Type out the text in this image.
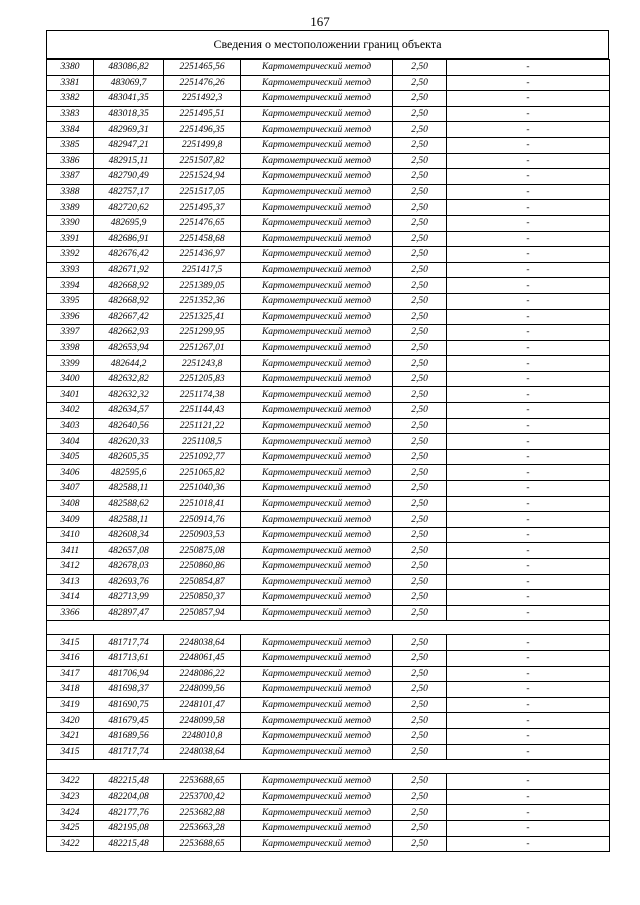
167
Сведения о местоположении границ объекта
3380	483086,82	2251465,56	Картометрический метод	2,50	-
3381	483069,7	2251476,26	Картометрический метод	2,50	-
3382	483041,35	2251492,3	Картометрический метод	2,50	-
3383	483018,35	2251495,51	Картометрический метод	2,50	-
3384	482969,31	2251496,35	Картометрический метод	2,50	-
3385	482947,21	2251499,8	Картометрический метод	2,50	-
3386	482915,11	2251507,82	Картометрический метод	2,50	-
3387	482790,49	2251524,94	Картометрический метод	2,50	-
3388	482757,17	2251517,05	Картометрический метод	2,50	-
3389	482720,62	2251495,37	Картометрический метод	2,50	-
3390	482695,9	2251476,65	Картометрический метод	2,50	-
3391	482686,91	2251458,68	Картометрический метод	2,50	-
3392	482676,42	2251436,97	Картометрический метод	2,50	-
3393	482671,92	2251417,5	Картометрический метод	2,50	-
3394	482668,92	2251389,05	Картометрический метод	2,50	-
3395	482668,92	2251352,36	Картометрический метод	2,50	-
3396	482667,42	2251325,41	Картометрический метод	2,50	-
3397	482662,93	2251299,95	Картометрический метод	2,50	-
3398	482653,94	2251267,01	Картометрический метод	2,50	-
3399	482644,2	2251243,8	Картометрический метод	2,50	-
3400	482632,82	2251205,83	Картометрический метод	2,50	-
3401	482632,32	2251174,38	Картометрический метод	2,50	-
3402	482634,57	2251144,43	Картометрический метод	2,50	-
3403	482640,56	2251121,22	Картометрический метод	2,50	-
3404	482620,33	2251108,5	Картометрический метод	2,50	-
3405	482605,35	2251092,77	Картометрический метод	2,50	-
3406	482595,6	2251065,82	Картометрический метод	2,50	-
3407	482588,11	2251040,36	Картометрический метод	2,50	-
3408	482588,62	2251018,41	Картометрический метод	2,50	-
3409	482588,11	2250914,76	Картометрический метод	2,50	-
3410	482608,34	2250903,53	Картометрический метод	2,50	-
3411	482657,08	2250875,08	Картометрический метод	2,50	-
3412	482678,03	2250860,86	Картометрический метод	2,50	-
3413	482693,76	2250854,87	Картометрический метод	2,50	-
3414	482713,99	2250850,37	Картометрический метод	2,50	-
3366	482897,47	2250857,94	Картометрический метод	2,50	-

3415	481717,74	2248038,64	Картометрический метод	2,50	-
3416	481713,61	2248061,45	Картометрический метод	2,50	-
3417	481706,94	2248086,22	Картометрический метод	2,50	-
3418	481698,37	2248099,56	Картометрический метод	2,50	-
3419	481690,75	2248101,47	Картометрический метод	2,50	-
3420	481679,45	2248099,58	Картометрический метод	2,50	-
3421	481689,56	2248010,8	Картометрический метод	2,50	-
3415	481717,74	2248038,64	Картометрический метод	2,50	-

3422	482215,48	2253688,65	Картометрический метод	2,50	-
3423	482204,08	2253700,42	Картометрический метод	2,50	-
3424	482177,76	2253682,88	Картометрический метод	2,50	-
3425	482195,08	2253663,28	Картометрический метод	2,50	-
3422	482215,48	2253688,65	Картометрический метод	2,50	-
